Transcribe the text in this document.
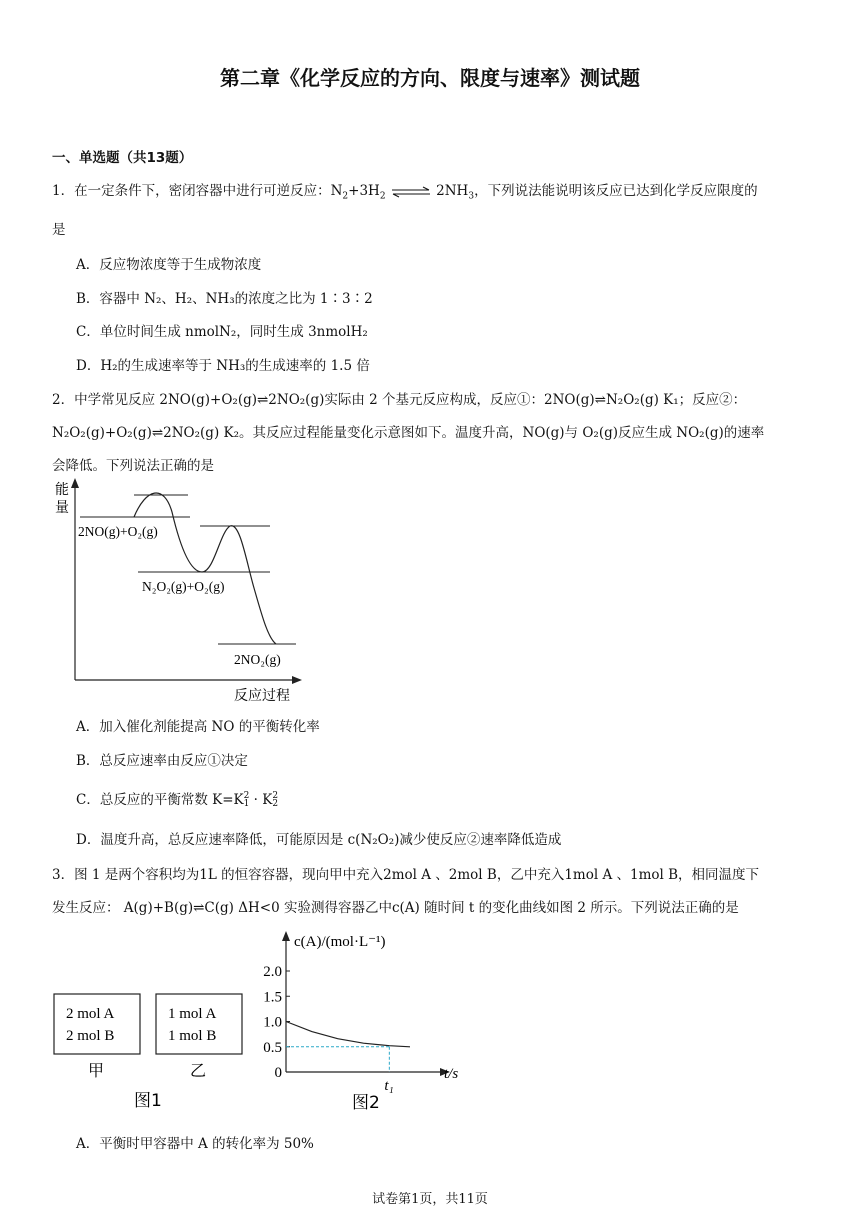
第二章《化学反应的方向、限度与速率》测试题
一、单选题（共13题）
1．在一定条件下，密闭容器中进行可逆反应：$N_2+3H_2$ ⇌ $2NH_3$，下列说法能说明该反应已达到化学反应限度的
是
A．反应物浓度等于生成物浓度
B．容器中 N₂、H₂、NH₃的浓度之比为 1∶3∶2
C．单位时间生成 nmolN₂，同时生成 3nmolH₂
D．H₂的生成速率等于 NH₃的生成速率的 1.5 倍
2．中学常见反应 2NO(g)+O₂(g)⇌2NO₂(g)实际由 2 个基元反应构成，反应①：2NO(g)⇌N₂O₂(g) K₁；反应②：
N₂O₂(g)+O₂(g)⇌2NO₂(g) K₂。其反应过程能量变化示意图如下。温度升高，NO(g)与 O₂(g)反应生成 NO₂(g)的速率
会降低。下列说法正确的是
能
量
2NO(g)+O₂(g)
N₂O₂(g)+O₂(g)
2NO₂(g)
反应过程
A．加入催化剂能提高 NO 的平衡转化率
B．总反应速率由反应①决定
C．总反应的平衡常数 K=K 2
1 · K 2
2
D．温度升高，总反应速率降低，可能原因是 c(N₂O₂)减少使反应②速率降低造成
3．图 1 是两个容积均为1L 的恒容容器，现向甲中充入2mol A 、2mol B，乙中充入1mol A 、1mol B，相同温度下
发生反应： A(g)+B(g)⇌C(g) ΔH<0 实验测得容器乙中c(A) 随时间 t 的变化曲线如图 2 所示。下列说法正确的是
2 mol A
2 mol B
1 mol A
1 mol B
甲	乙
图1
c(A)/(mol·L⁻¹)
t/s
2.0
1.5
1.0
0.5
0
t₁
图2
A．平衡时甲容器中 A 的转化率为 50%
试卷第1页，共11页
